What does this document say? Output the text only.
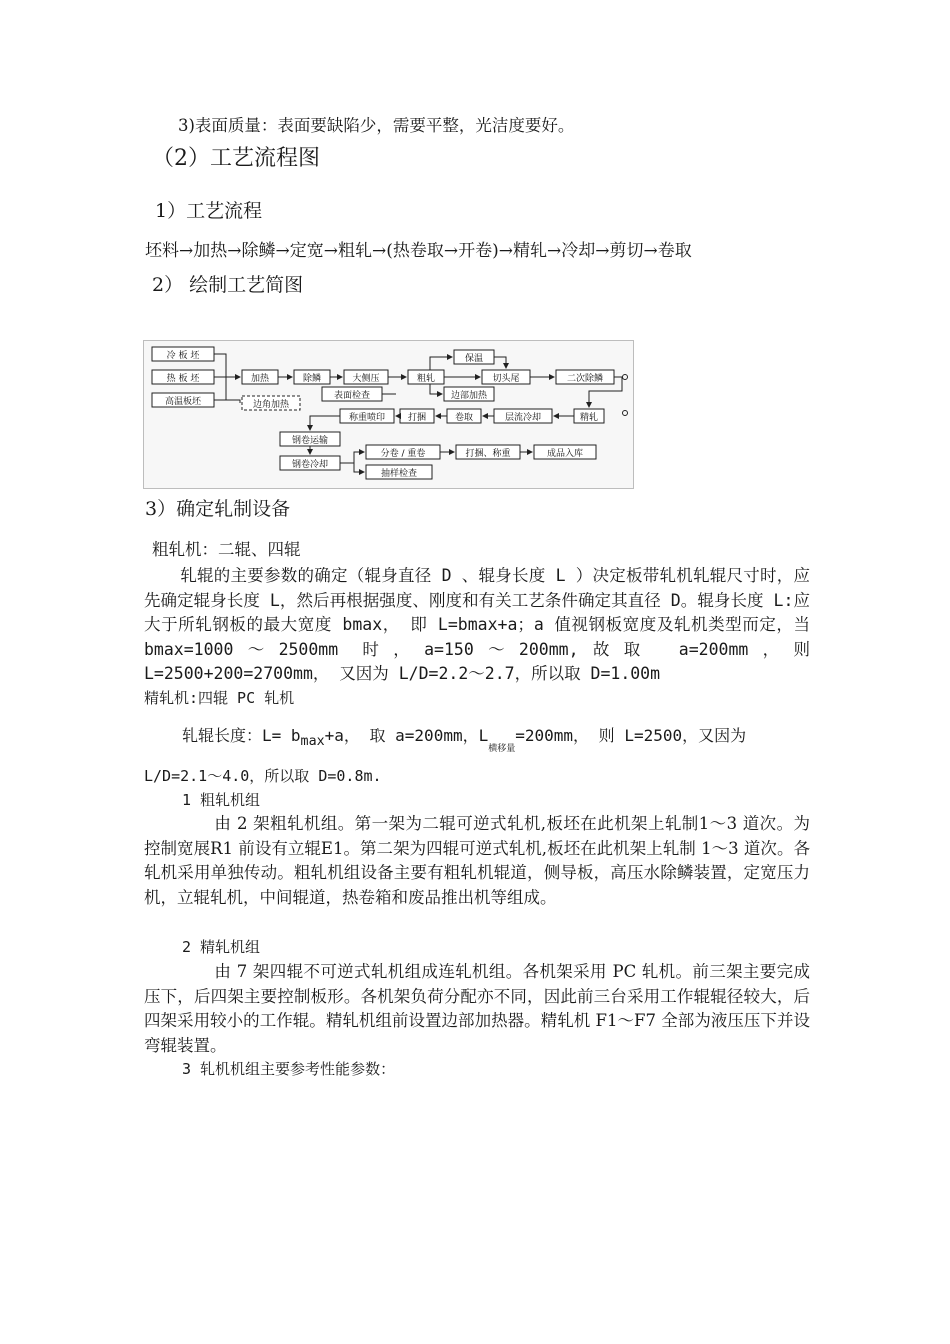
3)表面质量：表面要缺陷少，需要平整，光洁度要好。
（2）工艺流程图
1）工艺流程
坯料→加热→除鳞→定宽→粗轧→(热卷取→开卷)→精轧→冷却→剪切→卷取
2） 绘制工艺简图
冷 板 坯
热 板 坯
高温板坯
加热	除鳞	大侧压	粗轧
保温
切头尾	二次除鳞
边部加热
表面检查
边角加热
称重喷印	打捆	卷取	层流冷却	精轧
钢卷运输
钢卷冷却
分卷 / 重卷	打捆、称重	成品入库
抽样检查
3）确定轧制设备
粗轧机：二辊、四辊
轧辊的主要参数的确定（辊身直径 D 、辊身长度 L ）决定板带轧机轧辊尺寸时，应先确定辊身长度 L，然后再根据强度、刚度和有关工艺条件确定其直径 D。辊身长度 L:应大于所轧钢板的最大宽度 bmax， 即 L=bmax+a；a 值视钢板宽度及轧机类型而定，当 bmax=1000～2500mm 时，a=150～200mm,故取 a=200mm，则 L=2500+200=2700mm， 又因为 L/D=2.2～2.7，所以取 D=1.00m
精轧机:四辊 PC 轧机
轧辊长度：$L= b_{max}+a$， 取 a=200mm，$L_{横移量}=200mm$， 则 L=2500，又因为
L/D=2.1～4.0，所以取 D=0.8m.
1 粗轧机组
由 2 架粗轧机组。第一架为二辊可逆式轧机,板坯在此机架上轧制1～3 道次。为控制宽展R1 前设有立辊E1。第二架为四辊可逆式轧机,板坯在此机架上轧制 1～3 道次。各轧机采用单独传动。粗轧机组设备主要有粗轧机辊道，侧导板，高压水除鳞装置，定宽压力机，立辊轧机，中间辊道，热卷箱和废品推出机等组成。
2 精轧机组
由 7 架四辊不可逆式轧机组成连轧机组。各机架采用 PC 轧机。前三架主要完成压下，后四架主要控制板形。各机架负荷分配亦不同，因此前三台采用工作辊辊径较大，后四架采用较小的工作辊。精轧机组前设置边部加热器。精轧机 F1～F7 全部为液压压下并设弯辊装置。
3 轧机机组主要参考性能参数：
